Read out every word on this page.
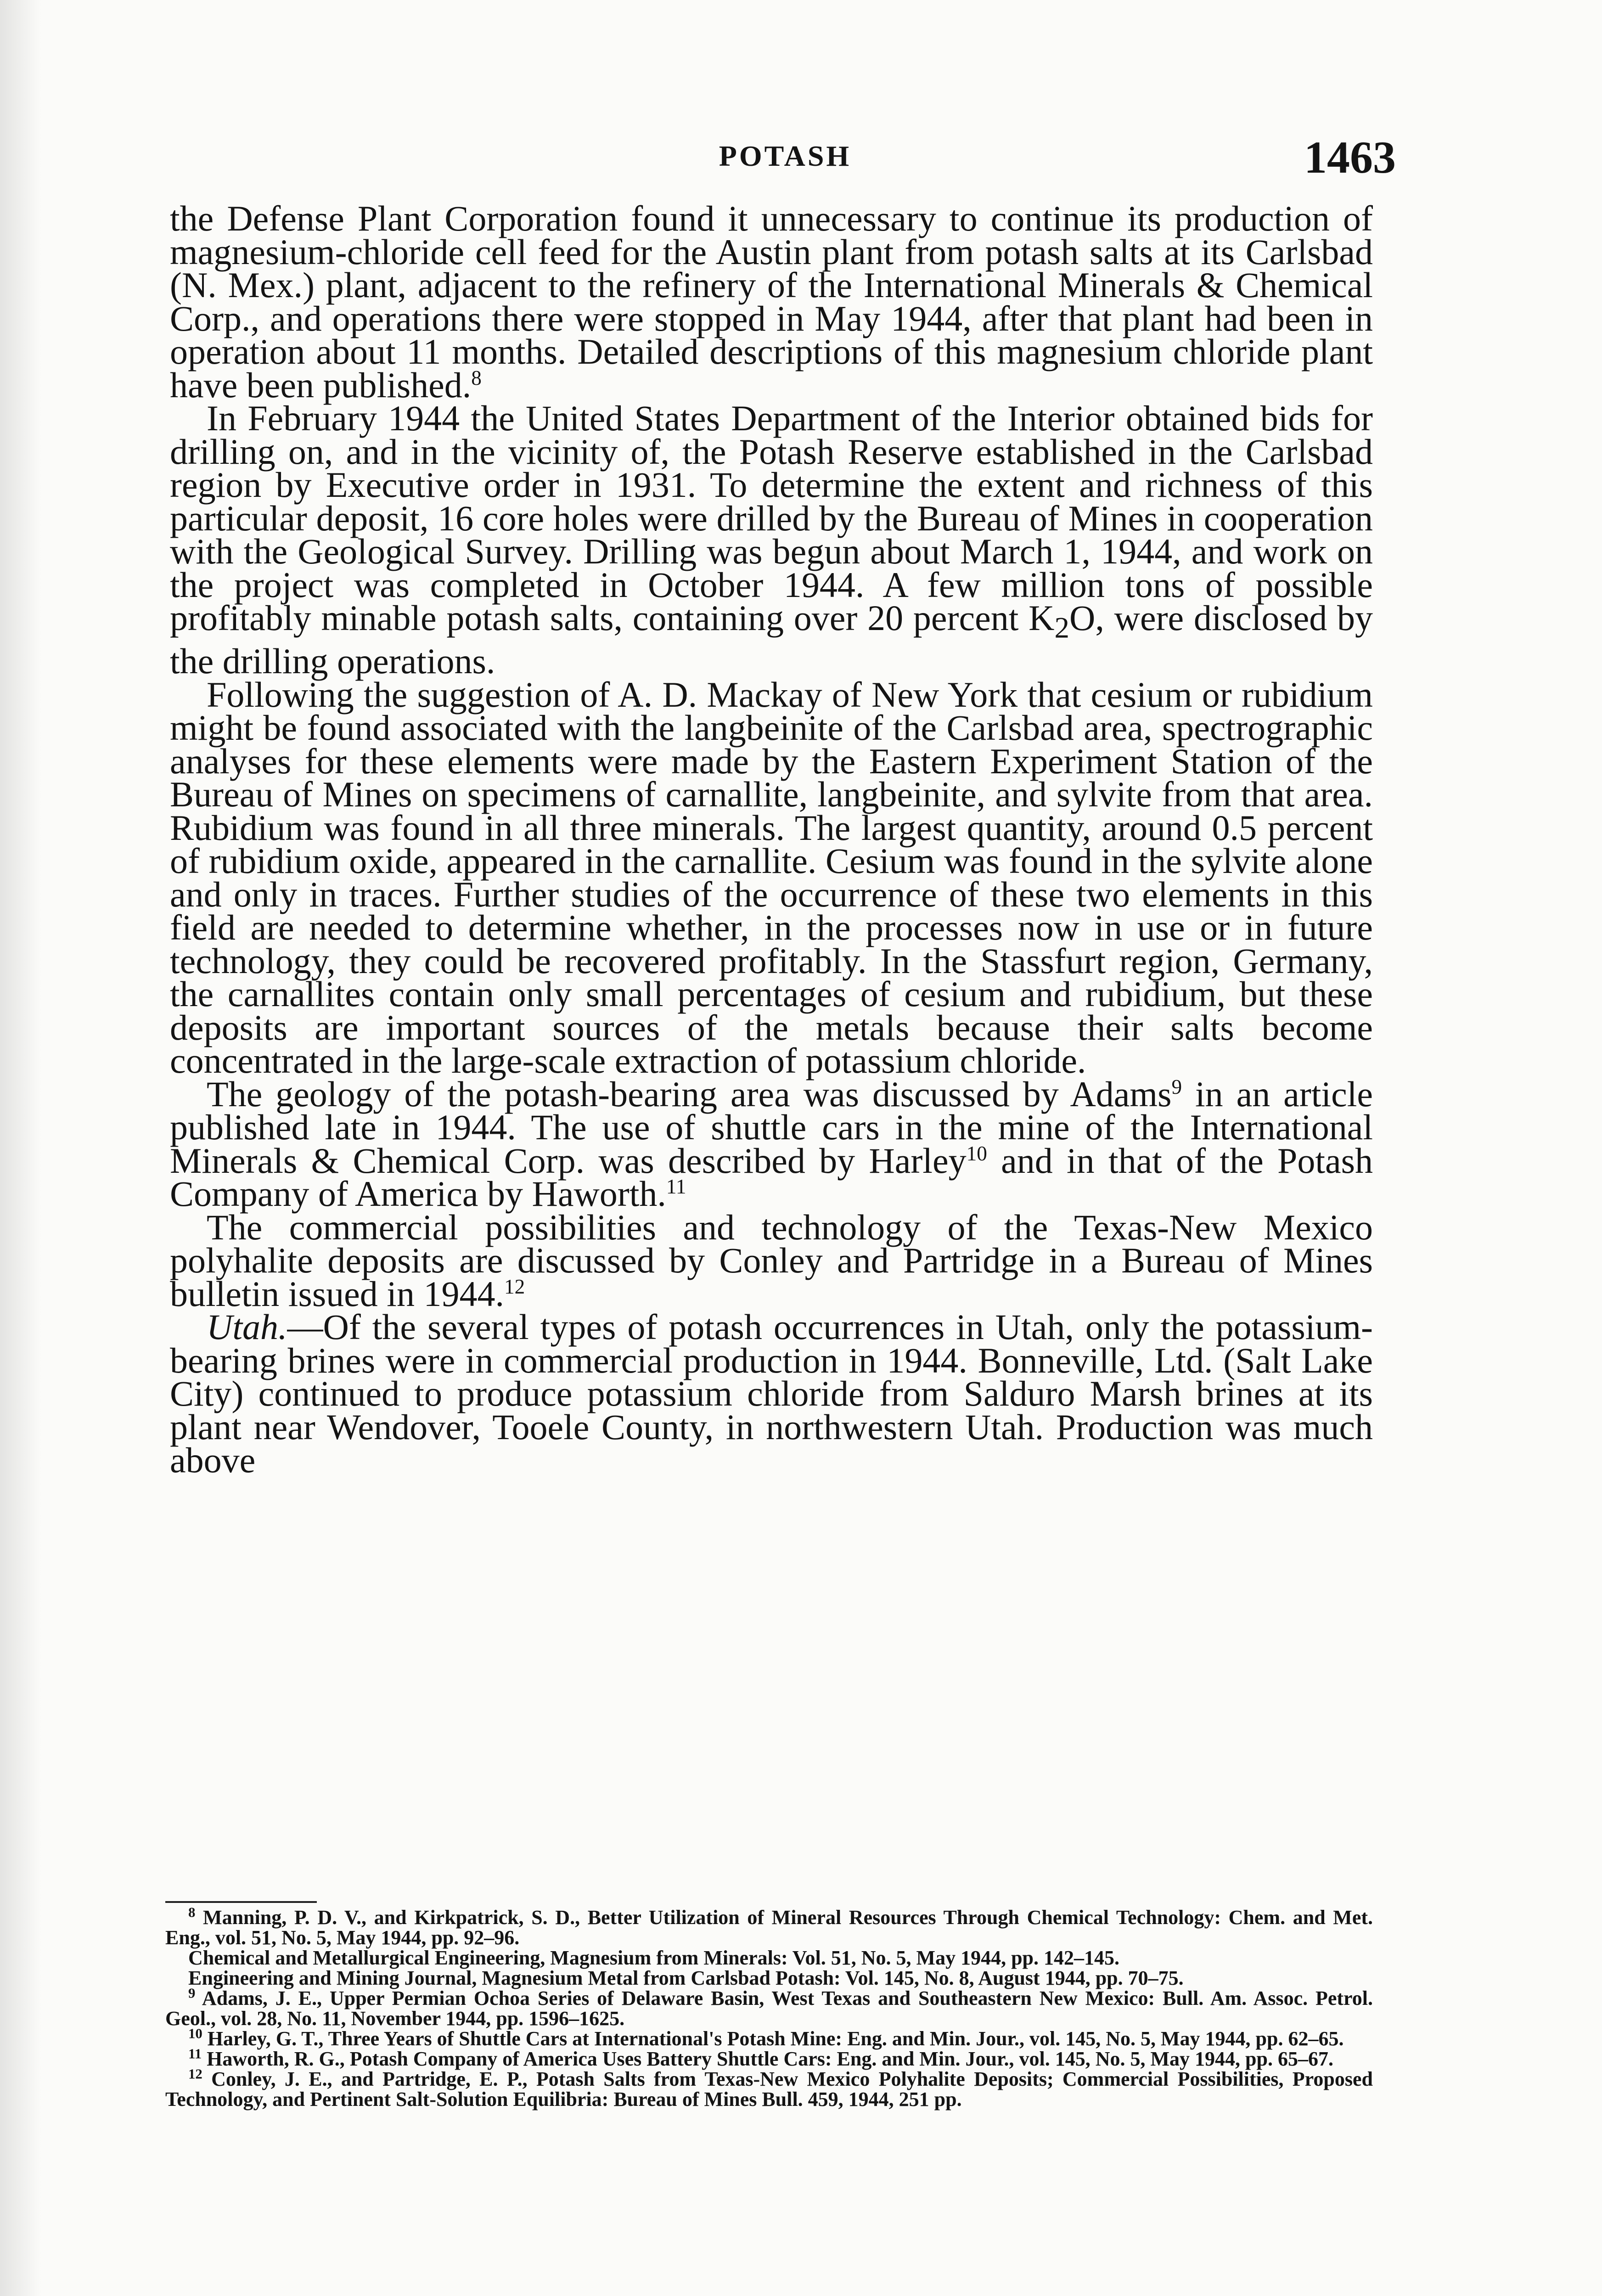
POTASH	1463

the Defense Plant Corporation found it unnecessary to continue its production of magnesium-chloride cell feed for the Austin plant from potash salts at its Carlsbad (N. Mex.) plant, adjacent to the refinery of the International Minerals & Chemical Corp., and operations there were stopped in May 1944, after that plant had been in operation about 11 months. Detailed descriptions of this magnesium chloride plant have been published.$^8$

In February 1944 the United States Department of the Interior obtained bids for drilling on, and in the vicinity of, the Potash Reserve established in the Carlsbad region by Executive order in 1931. To determine the extent and richness of this particular deposit, 16 core holes were drilled by the Bureau of Mines in cooperation with the Geological Survey. Drilling was begun about March 1, 1944, and work on the project was completed in October 1944. A few million tons of possible profitably minable potash salts, containing over 20 percent $K_2O$, were disclosed by the drilling operations.

Following the suggestion of A. D. Mackay of New York that cesium or rubidium might be found associated with the langbeinite of the Carlsbad area, spectrographic analyses for these elements were made by the Eastern Experiment Station of the Bureau of Mines on specimens of carnallite, langbeinite, and sylvite from that area. Rubidium was found in all three minerals. The largest quantity, around 0.5 percent of rubidium oxide, appeared in the carnallite. Cesium was found in the sylvite alone and only in traces. Further studies of the occurrence of these two elements in this field are needed to determine whether, in the processes now in use or in future technology, they could be recovered profitably. In the Stassfurt region, Germany, the carnallites contain only small percentages of cesium and rubidium, but these deposits are important sources of the metals because their salts become concentrated in the large-scale extraction of potassium chloride.

The geology of the potash-bearing area was discussed by Adams$^9$ in an article published late in 1944. The use of shuttle cars in the mine of the International Minerals & Chemical Corp. was described by Harley$^{10}$ and in that of the Potash Company of America by Haworth.$^{11}$

The commercial possibilities and technology of the Texas-New Mexico polyhalite deposits are discussed by Conley and Partridge in a Bureau of Mines bulletin issued in 1944.12

Utah.—Of the several types of potash occurrences in Utah, only the potassium-bearing brines were in commercial production in 1944. Bonneville, Ltd. (Salt Lake City) continued to produce potassium chloride from Salduro Marsh brines at its plant near Wendover, Tooele County, in northwestern Utah. Production was much above

$^8$ Manning, P. D. V., and Kirkpatrick, S. D., Better Utilization of Mineral Resources Through Chemical Technology: Chem. and Met. Eng., vol. 51, No. 5, May 1944, pp. 92–96.

Chemical and Metallurgical Engineering, Magnesium from Minerals: Vol. 51, No. 5, May 1944, pp. 142–145.

Engineering and Mining Journal, Magnesium Metal from Carlsbad Potash: Vol. 145, No. 8, August 1944, pp. 70–75.

$^9$ Adams, J. E., Upper Permian Ochoa Series of Delaware Basin, West Texas and Southeastern New Mexico: Bull. Am. Assoc. Petrol. Geol., vol. 28, No. 11, November 1944, pp. 1596–1625.

$^{10}$ Harley, G. T., Three Years of Shuttle Cars at International's Potash Mine: Eng. and Min. Jour., vol. 145, No. 5, May 1944, pp. 62–65.

$^{11}$ Haworth, R. G., Potash Company of America Uses Battery Shuttle Cars: Eng. and Min. Jour., vol. 145, No. 5, May 1944, pp. 65–67.

$^{12}$ Conley, J. E., and Partridge, E. P., Potash Salts from Texas-New Mexico Polyhalite Deposits; Commercial Possibilities, Proposed Technology, and Pertinent Salt-Solution Equilibria: Bureau of Mines Bull. 459, 1944, 251 pp.
